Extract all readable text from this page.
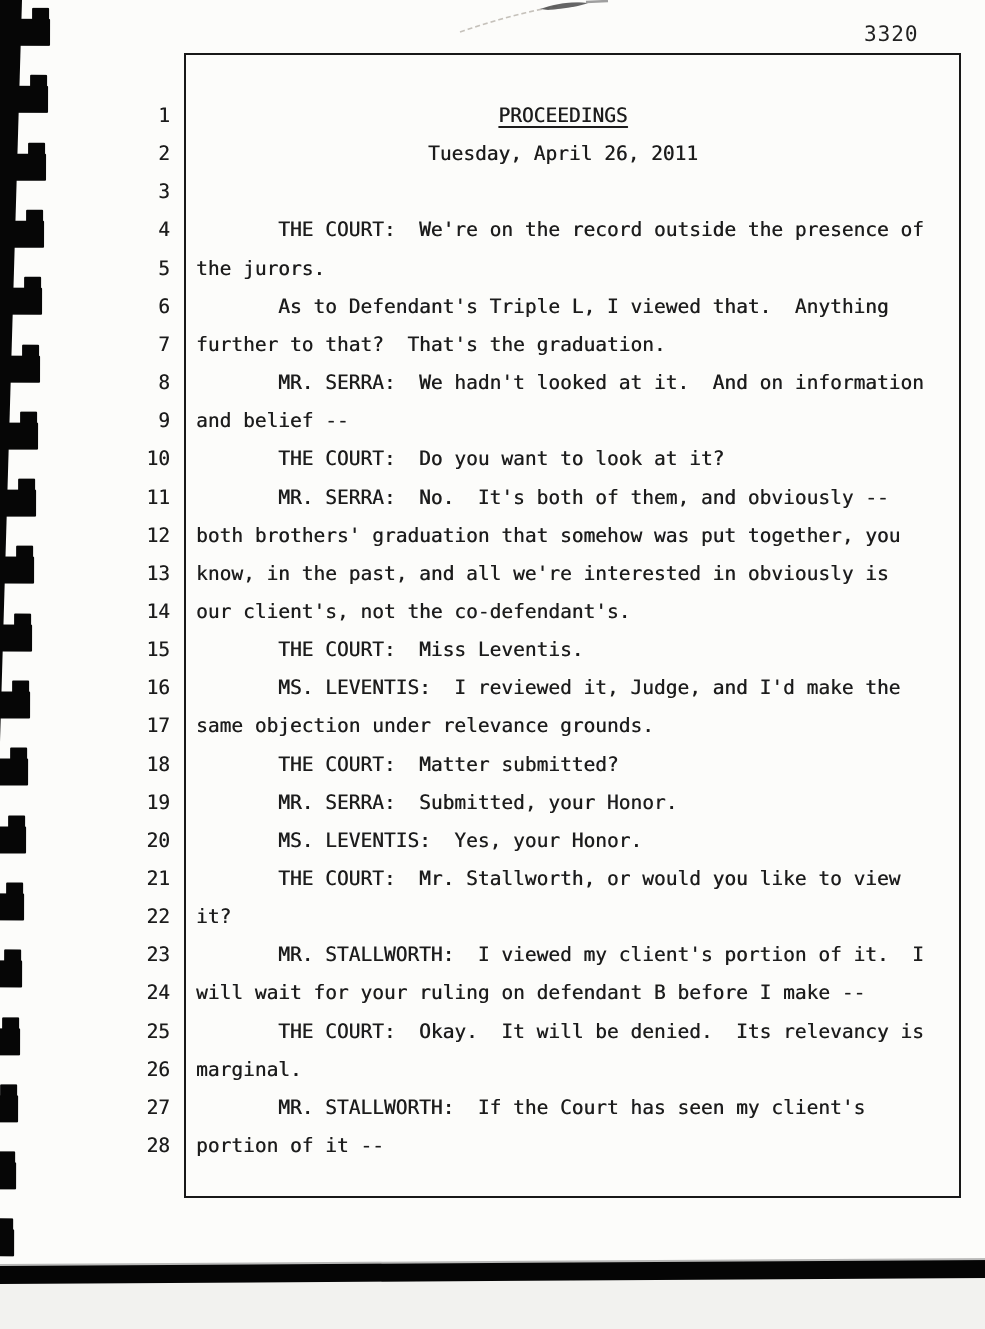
3320
1	PROCEEDINGS
2	Tuesday, April 26, 2011
3
4 THE COURT:  We're on the record outside the presence of
5 the jurors.
6 As to Defendant's Triple L, I viewed that.  Anything
7 further to that?  That's the graduation.
8 MR. SERRA:  We hadn't looked at it.  And on information
9 and belief --
10 THE COURT:  Do you want to look at it?
11 MR. SERRA:  No.  It's both of them, and obviously --
12 both brothers' graduation that somehow was put together, you
13 know, in the past, and all we're interested in obviously is
14 our client's, not the co-defendant's.
15 THE COURT:  Miss Leventis.
16 MS. LEVENTIS:  I reviewed it, Judge, and I'd make the
17 same objection under relevance grounds.
18 THE COURT:  Matter submitted?
19 MR. SERRA:  Submitted, your Honor.
20 MS. LEVENTIS:  Yes, your Honor.
21 THE COURT:  Mr. Stallworth, or would you like to view
22 it?
23 MR. STALLWORTH:  I viewed my client's portion of it.  I
24 will wait for your ruling on defendant B before I make --
25 THE COURT:  Okay.  It will be denied.  Its relevancy is
26 marginal.
27 MR. STALLWORTH:  If the Court has seen my client's
28 portion of it --
